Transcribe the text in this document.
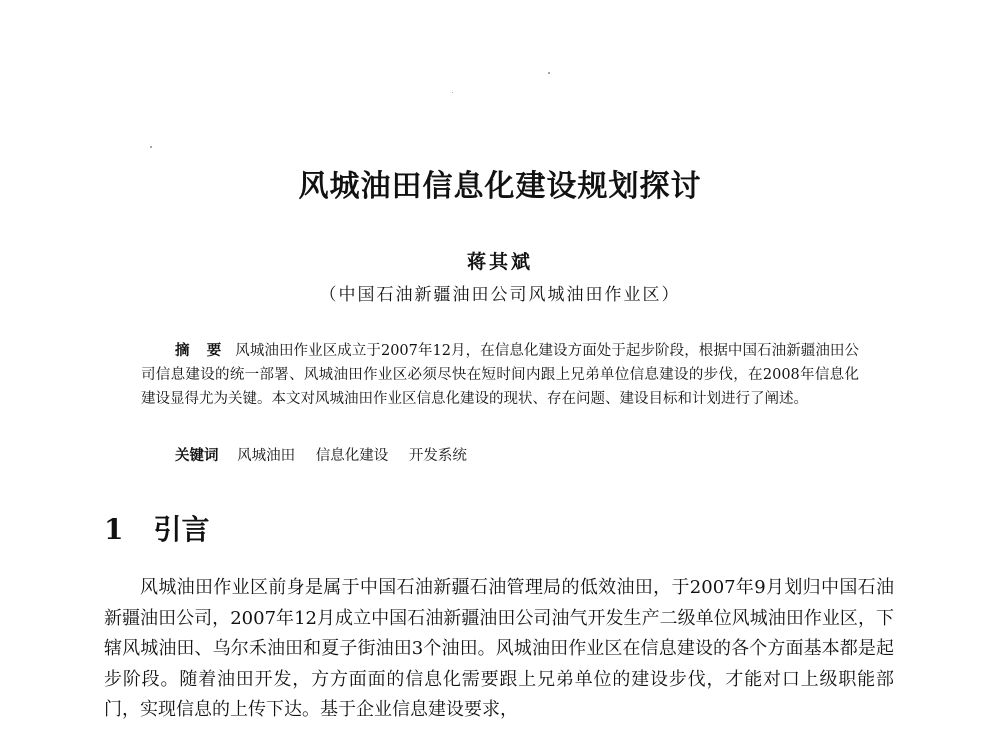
风城油田信息化建设规划探讨
蒋其斌
（中国石油新疆油田公司风城油田作业区）
摘 要 风城油田作业区成立于2007年12月，在信息化建设方面处于起步阶段，根据中国石油新疆油田公司信息建设的统一部署、风城油田作业区必须尽快在短时间内跟上兄弟单位信息建设的步伐，在2008年信息化建设显得尤为关键。本文对风城油田作业区信息化建设的现状、存在问题、建设目标和计划进行了阐述。
关键词 风城油田 信息化建设 开发系统
1 引言

风城油田作业区前身是属于中国石油新疆石油管理局的低效油田，于2007年9月划归中国石油新疆油田公司，2007年12月成立中国石油新疆油田公司油气开发生产二级单位风城油田作业区，下辖风城油田、乌尔禾油田和夏子街油田3个油田。风城油田作业区在信息建设的各个方面基本都是起步阶段。随着油田开发，方方面面的信息化需要跟上兄弟单位的建设步伐，才能对口上级职能部门，实现信息的上传下达。基于企业信息建设要求，
